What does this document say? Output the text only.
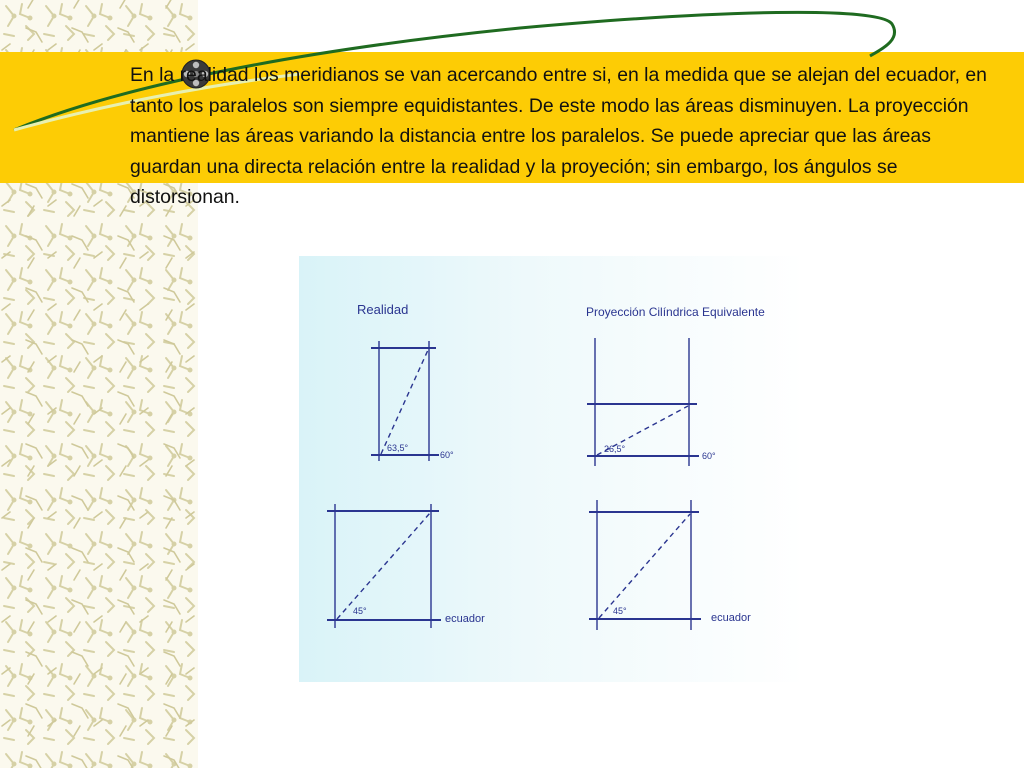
En la realidad los meridianos se van acercando entre si, en la medida que se alejan del ecuador, en tanto los paralelos son siempre equidistantes. De este modo las áreas disminuyen. La proyección mantiene las áreas variando la distancia entre los paralelos. Se puede apreciar que las áreas guardan una directa relación entre la realidad y la proyeción; sin embargo, los ángulos se distorsionan.

Realidad	Proyección Cilíndrica Equivalente
63,5°
60°
45°
ecuador
26,5°
60°
45°
ecuador
